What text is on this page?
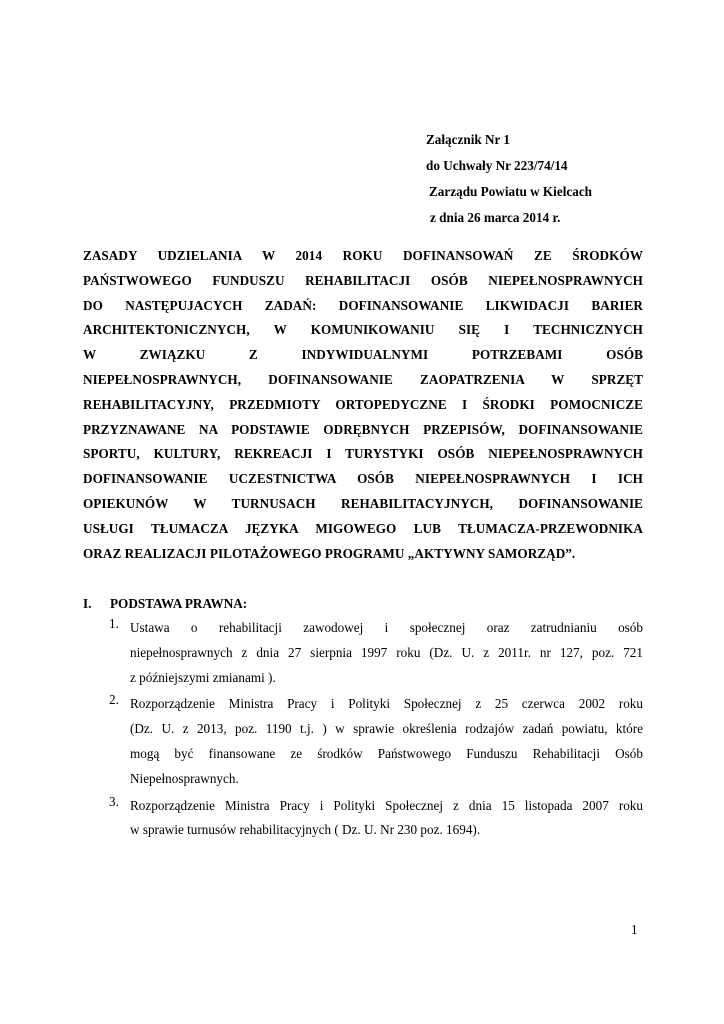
Załącznik Nr 1
do Uchwały Nr 223/74/14
Zarządu Powiatu w Kielcach
z dnia 26 marca 2014 r.
ZASADY UDZIELANIA W 2014 ROKU DOFINANSOWAŃ ZE ŚRODKÓW
PAŃSTWOWEGO FUNDUSZU REHABILITACJI OSÓB NIEPEŁNOSPRAWNYCH
DO NASTĘPUJACYCH ZADAŃ: DOFINANSOWANIE LIKWIDACJI BARIER
ARCHITEKTONICZNYCH, W KOMUNIKOWANIU SIĘ I TECHNICZNYCH
W ZWIĄZKU Z INDYWIDUALNYMI POTRZEBAMI OSÓB
NIEPEŁNOSPRAWNYCH, DOFINANSOWANIE ZAOPATRZENIA W SPRZĘT
REHABILITACYJNY, PRZEDMIOTY ORTOPEDYCZNE I ŚRODKI POMOCNICZE
PRZYZNAWANE NA PODSTAWIE ODRĘBNYCH PRZEPISÓW, DOFINANSOWANIE
SPORTU, KULTURY, REKREACJI I TURYSTYKI OSÓB NIEPEŁNOSPRAWNYCH
DOFINANSOWANIE UCZESTNICTWA OSÓB NIEPEŁNOSPRAWNYCH I ICH
OPIEKUNÓW W TURNUSACH REHABILITACYJNYCH, DOFINANSOWANIE
USŁUGI TŁUMACZA JĘZYKA MIGOWEGO LUB TŁUMACZA-PRZEWODNIKA
ORAZ REALIZACJI PILOTAŻOWEGO PROGRAMU „AKTYWNY SAMORZĄD”.
I. PODSTAWA PRAWNA:
1. Ustawa o rehabilitacji zawodowej i społecznej oraz zatrudnianiu osób
niepełnosprawnych z dnia 27 sierpnia 1997 roku (Dz. U. z 2011r. nr 127, poz. 721
z późniejszymi zmianami ).
2. Rozporządzenie Ministra Pracy i Polityki Społecznej z 25 czerwca 2002 roku
(Dz. U. z 2013, poz. 1190 t.j. ) w sprawie określenia rodzajów zadań powiatu, które
mogą być finansowane ze środków Państwowego Funduszu Rehabilitacji Osób
Niepełnosprawnych.
3. Rozporządzenie Ministra Pracy i Polityki Społecznej z dnia 15 listopada 2007 roku
w sprawie turnusów rehabilitacyjnych ( Dz. U. Nr 230 poz. 1694).
1
